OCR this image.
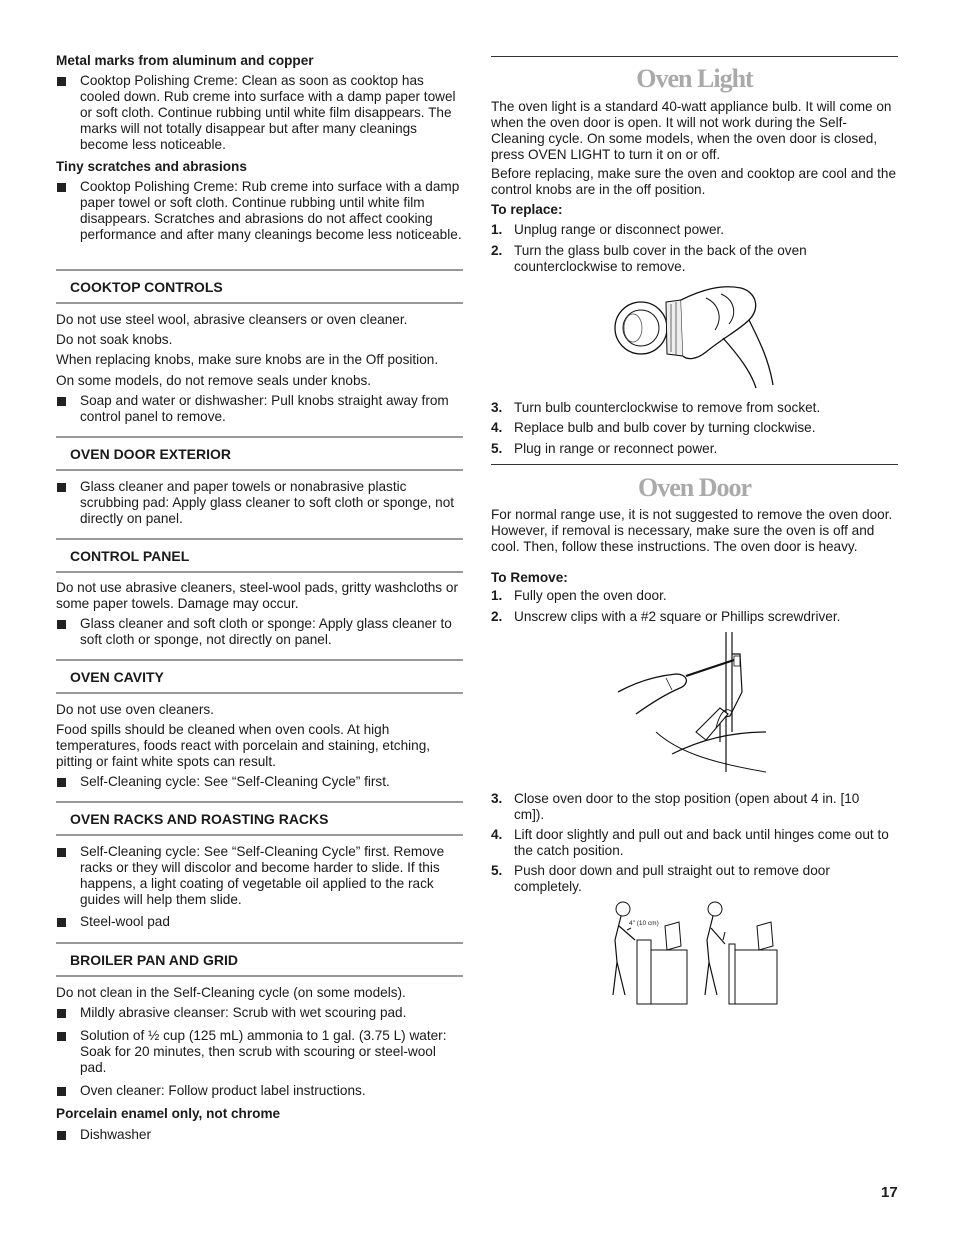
Metal marks from aluminum and copper

Cooktop Polishing Creme: Clean as soon as cooktop has cooled down. Rub creme into surface with a damp paper towel or soft cloth. Continue rubbing until white film disappears. The marks will not totally disappear but after many cleanings become less noticeable.

Tiny scratches and abrasions

Cooktop Polishing Creme: Rub creme into surface with a damp paper towel or soft cloth. Continue rubbing until white film disappears. Scratches and abrasions do not affect cooking performance and after many cleanings become less noticeable.

COOKTOP CONTROLS

Do not use steel wool, abrasive cleansers or oven cleaner.

Do not soak knobs.

When replacing knobs, make sure knobs are in the Off position.

On some models, do not remove seals under knobs.

Soap and water or dishwasher: Pull knobs straight away from control panel to remove.

OVEN DOOR EXTERIOR

Glass cleaner and paper towels or nonabrasive plastic scrubbing pad: Apply glass cleaner to soft cloth or sponge, not directly on panel.

CONTROL PANEL

Do not use abrasive cleaners, steel-wool pads, gritty washcloths or some paper towels. Damage may occur.

Glass cleaner and soft cloth or sponge: Apply glass cleaner to soft cloth or sponge, not directly on panel.

OVEN CAVITY

Do not use oven cleaners.

Food spills should be cleaned when oven cools. At high temperatures, foods react with porcelain and staining, etching, pitting or faint white spots can result.

Self-Cleaning cycle: See “Self-Cleaning Cycle” first.

OVEN RACKS AND ROASTING RACKS

Self-Cleaning cycle: See “Self-Cleaning Cycle” first. Remove racks or they will discolor and become harder to slide. If this happens, a light coating of vegetable oil applied to the rack guides will help them slide.

Steel-wool pad

BROILER PAN AND GRID

Do not clean in the Self-Cleaning cycle (on some models).

Mildly abrasive cleanser: Scrub with wet scouring pad.

Solution of ½ cup (125 mL) ammonia to 1 gal. (3.75 L) water: Soak for 20 minutes, then scrub with scouring or steel-wool pad.

Oven cleaner: Follow product label instructions.

Porcelain enamel only, not chrome

Dishwasher

Oven Light

The oven light is a standard 40-watt appliance bulb. It will come on when the oven door is open. It will not work during the Self-Cleaning cycle. On some models, when the oven door is closed, press OVEN LIGHT to turn it on or off.

Before replacing, make sure the oven and cooktop are cool and the control knobs are in the off position.

To replace:

1. Unplug range or disconnect power.
2. Turn the glass bulb cover in the back of the oven counterclockwise to remove.
3. Turn bulb counterclockwise to remove from socket.
4. Replace bulb and bulb cover by turning clockwise.
5. Plug in range or reconnect power.
Oven Door

For normal range use, it is not suggested to remove the oven door. However, if removal is necessary, make sure the oven is off and cool. Then, follow these instructions. The oven door is heavy.

To Remove:

1. Fully open the oven door.
2. Unscrew clips with a #2 square or Phillips screwdriver.
3. Close oven door to the stop position (open about 4 in. [10 cm]).
4. Lift door slightly and pull out and back until hinges come out to the catch position.
5. Push door down and pull straight out to remove door completely.
4" (10 cm)

17
